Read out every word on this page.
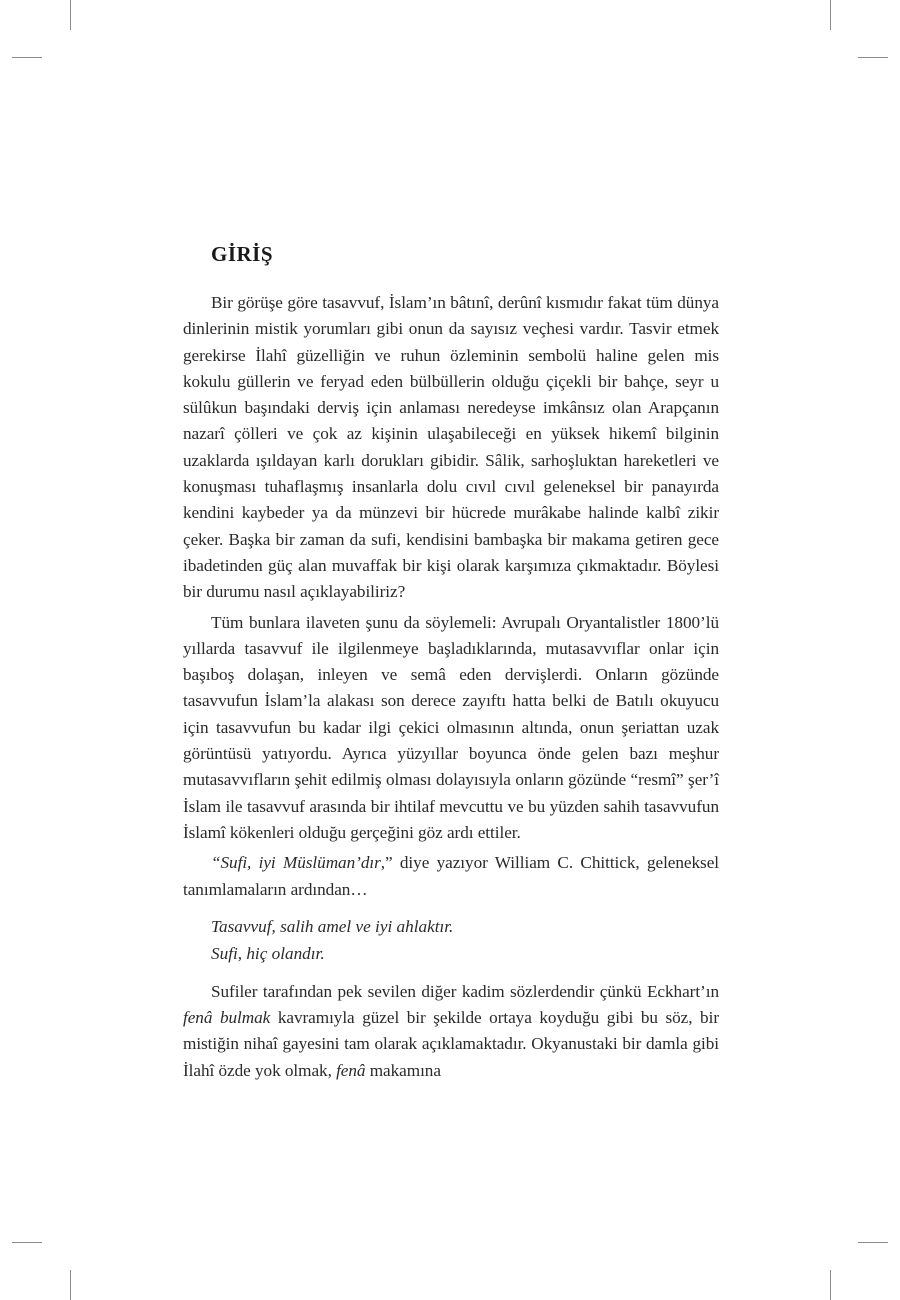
GİRİŞ

Bir görüşe göre tasavvuf, İslam’ın bâtınî, derûnî kısmıdır fakat tüm dünya dinlerinin mistik yorumları gibi onun da sayısız veçhesi vardır. Tasvir etmek gerekirse İlahî güzelliğin ve ruhun özleminin sembolü haline gelen mis kokulu güllerin ve feryad eden bülbüllerin olduğu çiçekli bir bahçe, seyr u sülûkun başındaki derviş için anlaması neredeyse imkânsız olan Arapçanın nazarî çölleri ve çok az kişinin ulaşabileceği en yüksek hikemî bilginin uzaklarda ışıldayan karlı dorukları gibidir. Sâlik, sarhoşluktan hareketleri ve konuşması tuhaflaşmış insanlarla dolu cıvıl cıvıl geleneksel bir panayırda kendini kaybeder ya da münzevi bir hücrede murâkabe halinde kalbî zikir çeker. Başka bir zaman da sufi, kendisini bambaşka bir makama getiren gece ibadetinden güç alan muvaffak bir kişi olarak karşımıza çıkmaktadır. Böylesi bir durumu nasıl açıklayabiliriz?

Tüm bunlara ilaveten şunu da söylemeli: Avrupalı Oryantalistler 1800’lü yıllarda tasavvuf ile ilgilenmeye başladıklarında, mutasavvıflar onlar için başıboş dolaşan, inleyen ve semâ eden dervişlerdi. Onların gözünde tasavvufun İslam’la alakası son derece zayıftı hatta belki de Batılı okuyucu için tasavvufun bu kadar ilgi çekici olmasının altında, onun şeriattan uzak görüntüsü yatıyordu. Ayrıca yüzyıllar boyunca önde gelen bazı meşhur mutasavvıfların şehit edilmiş olması dolayısıyla onların gözünde “resmî” şer’î İslam ile tasavvuf arasında bir ihtilaf mevcuttu ve bu yüzden sahih tasavvufun İslamî kökenleri olduğu gerçeğini göz ardı ettiler.

“Sufi, iyi Müslüman’dır,” diye yazıyor William C. Chittick, geleneksel tanımlamaların ardından…

Tasavvuf, salih amel ve iyi ahlaktır.
Sufi, hiç olandır.

Sufiler tarafından pek sevilen diğer kadim sözlerdendir çünkü Eckhart’ın fenâ bulmak kavramıyla güzel bir şekilde ortaya koyduğu gibi bu söz, bir mistiğin nihaî gayesini tam olarak açıklamaktadır. Okyanustaki bir damla gibi İlahî özde yok olmak, fenâ makamına
